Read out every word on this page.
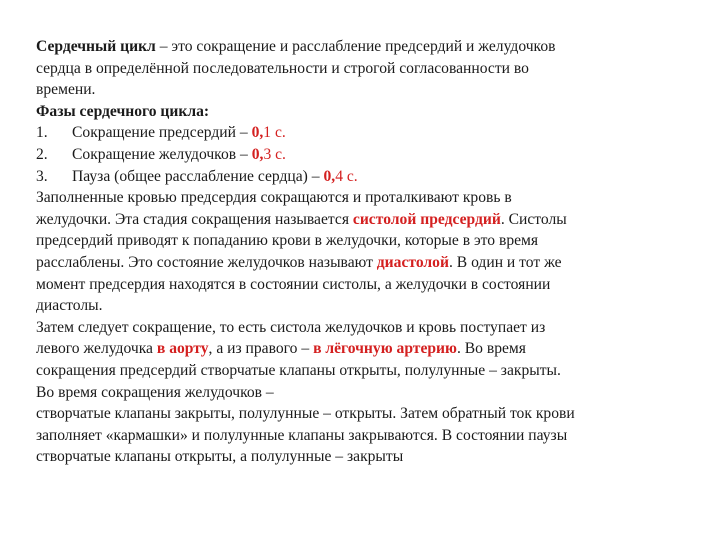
Сердечный цикл – это сокращение и расслабление предсердий и желудочков
сердца в определённой последовательности и строгой согласованности во
времени.
Фазы сердечного цикла:
1. Сокращение предсердий – 0,1 с.
2. Сокращение желудочков – 0,3 с.
3. Пауза (общее расслабление сердца) – 0,4 с.
Заполненные кровью предсердия сокращаются и проталкивают кровь в
желудочки. Эта стадия сокращения называется систолой предсердий. Систолы
предсердий приводят к попаданию крови в желудочки, которые в это время
расслаблены. Это состояние желудочков называют диастолой. В один и тот же
момент предсердия находятся в состоянии систолы, а желудочки в состоянии
диастолы.
Затем следует сокращение, то есть систола желудочков и кровь поступает из
левого желудочка в аорту, а из правого – в лёгочную артерию. Во время
сокращения предсердий створчатые клапаны открыты, полулунные – закрыты.
Во время сокращения желудочков –
створчатые клапаны закрыты, полулунные – открыты. Затем обратный ток крови
заполняет «кармашки» и полулунные клапаны закрываются. В состоянии паузы
створчатые клапаны открыты, а полулунные – закрыты
